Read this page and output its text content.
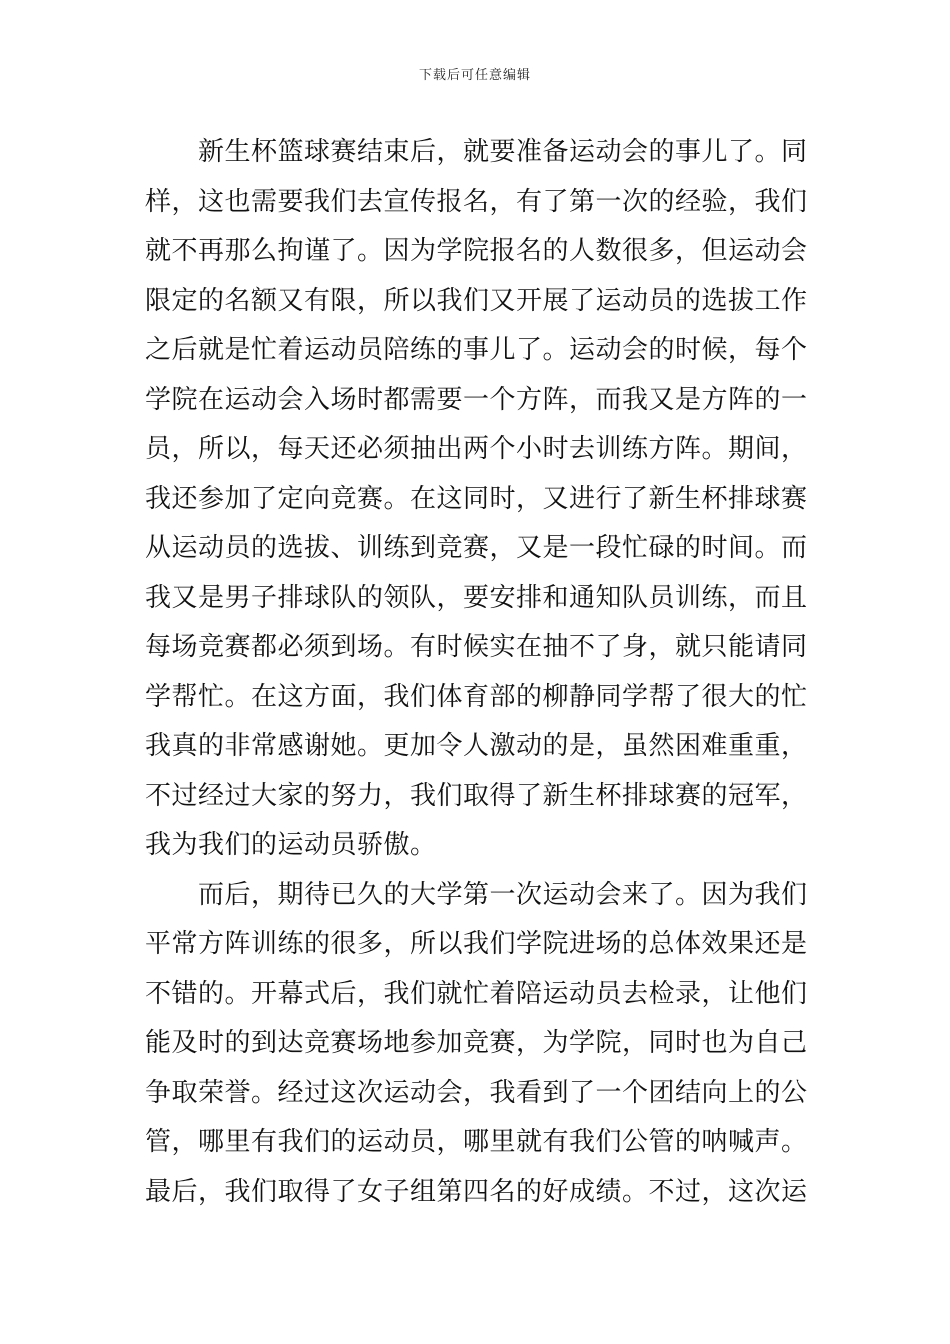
下载后可任意编辑
新生杯篮球赛结束后，就要准备运动会的事儿了。同
样，这也需要我们去宣传报名，有了第一次的经验，我们
就不再那么拘谨了。因为学院报名的人数很多，但运动会
限定的名额又有限，所以我们又开展了运动员的选拔工作
之后就是忙着运动员陪练的事儿了。运动会的时候，每个
学院在运动会入场时都需要一个方阵，而我又是方阵的一
员，所以，每天还必须抽出两个小时去训练方阵。期间，
我还参加了定向竞赛。在这同时，又进行了新生杯排球赛
从运动员的选拔、训练到竞赛，又是一段忙碌的时间。而
我又是男子排球队的领队，要安排和通知队员训练，而且
每场竞赛都必须到场。有时候实在抽不了身，就只能请同
学帮忙。在这方面，我们体育部的柳静同学帮了很大的忙
我真的非常感谢她。更加令人激动的是，虽然困难重重，
不过经过大家的努力，我们取得了新生杯排球赛的冠军，
我为我们的运动员骄傲。
而后，期待已久的大学第一次运动会来了。因为我们
平常方阵训练的很多，所以我们学院进场的总体效果还是
不错的。开幕式后，我们就忙着陪运动员去检录，让他们
能及时的到达竞赛场地参加竞赛，为学院，同时也为自己
争取荣誉。经过这次运动会，我看到了一个团结向上的公
管，哪里有我们的运动员，哪里就有我们公管的呐喊声。
最后，我们取得了女子组第四名的好成绩。不过，这次运
